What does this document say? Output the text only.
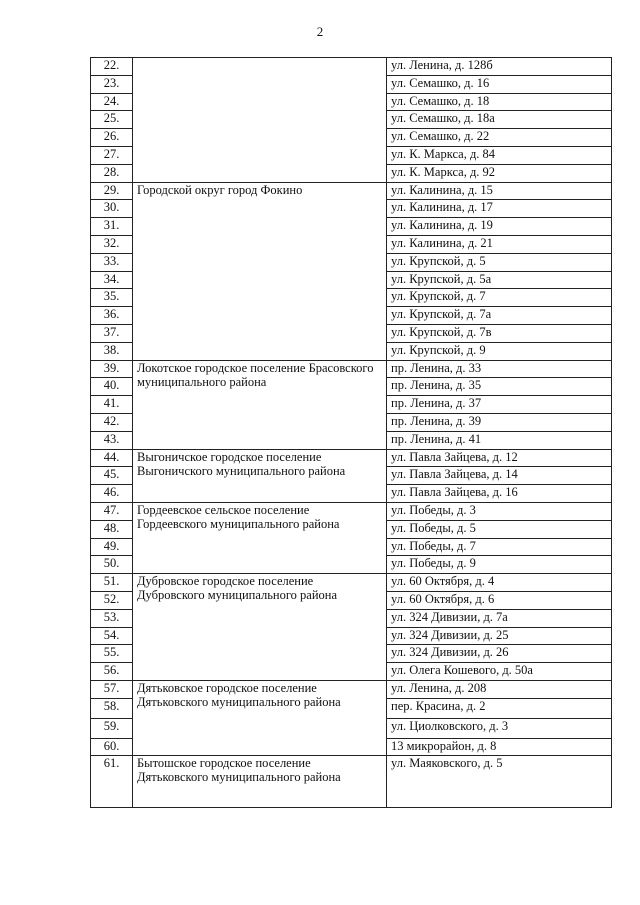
2
22.		ул. Ленина, д. 128б
23.		ул. Семашко, д. 16
24.		ул. Семашко, д. 18
25.		ул. Семашко, д. 18а
26.		ул. Семашко, д. 22
27.		ул. К. Маркса, д. 84
28.		ул. К. Маркса, д. 92
29.	Городской округ город Фокино	ул. Калинина, д. 15
30.		ул. Калинина, д. 17
31.		ул. Калинина, д. 19
32.		ул. Калинина, д. 21
33.		ул. Крупской, д. 5
34.		ул. Крупской, д. 5а
35.		ул. Крупской, д. 7
36.		ул. Крупской, д. 7а
37.		ул. Крупской, д. 7в
38.		ул. Крупской, д. 9
39.	Локотское городское поселение Брасовского муниципального района	пр. Ленина, д. 33
40.		пр. Ленина, д. 35
41.		пр. Ленина, д. 37
42.		пр. Ленина, д. 39
43.		пр. Ленина, д. 41
44.	Выгоничское городское поселение Выгоничского муниципального района	ул. Павла Зайцева, д. 12
45.		ул. Павла Зайцева, д. 14
46.		ул. Павла Зайцева, д. 16
47.	Гордеевское сельское поселение Гордеевского муниципального района	ул. Победы, д. 3
48.		ул. Победы, д. 5
49.		ул. Победы, д. 7
50.		ул. Победы, д. 9
51.	Дубровское городское поселение Дубровского муниципального района	ул. 60 Октября, д. 4
52.		ул. 60 Октября, д. 6
53.		ул. 324 Дивизии, д. 7а
54.		ул. 324 Дивизии, д. 25
55.		ул. 324 Дивизии, д. 26
56.		ул. Олега Кошевого, д. 50а
57.	Дятьковское городское поселение Дятьковского муниципального района	ул. Ленина, д. 208
58.		пер. Красина, д. 2
59.		ул. Циолковского, д. 3
60.		13 микрорайон, д. 8
61.	Бытошское городское поселение Дятьковского муниципального района	ул. Маяковского, д. 5
